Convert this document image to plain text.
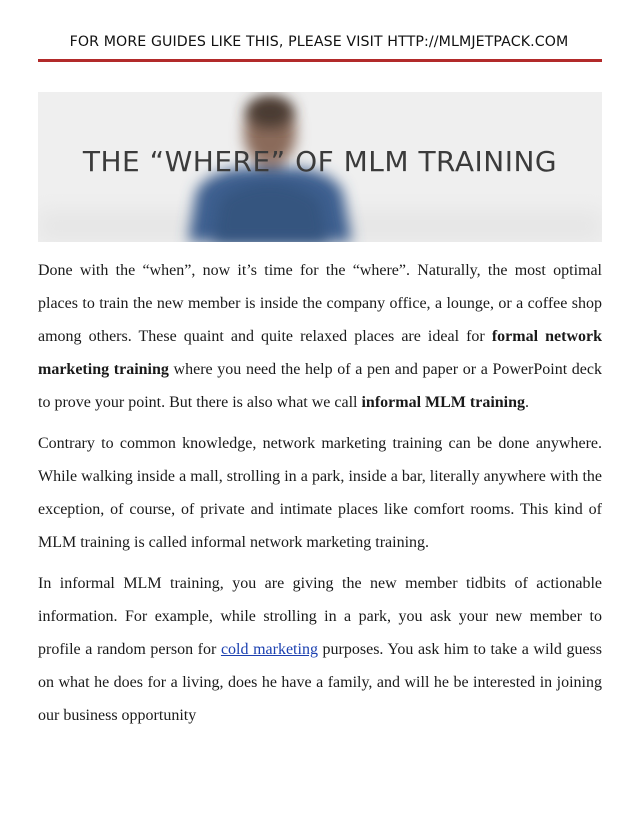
FOR MORE GUIDES LIKE THIS, PLEASE VISIT HTTP://MLMJETPACK.COM
THE “WHERE” OF MLM TRAINING

Done with the “when”, now it’s time for the “where”. Naturally, the most optimal places to train the new member is inside the company office, a lounge, or a coffee shop among others. These quaint and quite relaxed places are ideal for formal network marketing training where you need the help of a pen and paper or a PowerPoint deck to prove your point. But there is also what we call informal MLM training.

Contrary to common knowledge, network marketing training can be done anywhere. While walking inside a mall, strolling in a park, inside a bar, literally anywhere with the exception, of course, of private and intimate places like comfort rooms. This kind of MLM training is called informal network marketing training.

In informal MLM training, you are giving the new member tidbits of actionable information. For example, while strolling in a park, you ask your new member to profile a random person for cold marketing purposes. You ask him to take a wild guess on what he does for a living, does he have a family, and will he be interested in joining our business opportunity
